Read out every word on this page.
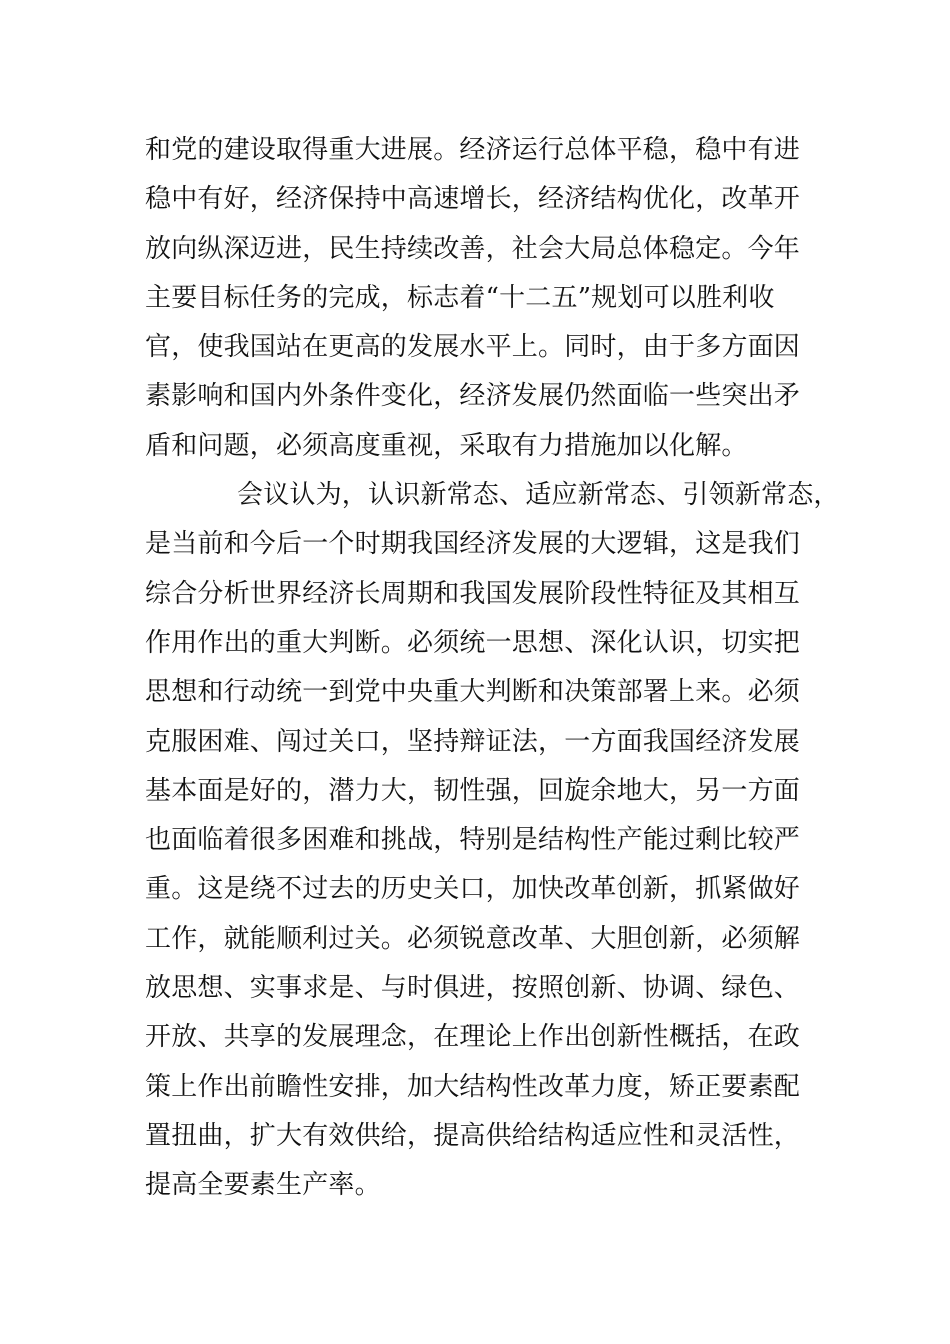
和党的建设取得重大进展。经济运行总体平稳，稳中有进
稳中有好，经济保持中高速增长，经济结构优化，改革开
放向纵深迈进，民生持续改善，社会大局总体稳定。今年
主要目标任务的完成，标志着“十二五”规划可以胜利收
官，使我国站在更高的发展水平上。同时，由于多方面因
素影响和国内外条件变化，经济发展仍然面临一些突出矛
盾和问题，必须高度重视，采取有力措施加以化解。
会议认为，认识新常态、适应新常态、引领新常态，
是当前和今后一个时期我国经济发展的大逻辑，这是我们
综合分析世界经济长周期和我国发展阶段性特征及其相互
作用作出的重大判断。必须统一思想、深化认识，切实把
思想和行动统一到党中央重大判断和决策部署上来。必须
克服困难、闯过关口，坚持辩证法，一方面我国经济发展
基本面是好的，潜力大，韧性强，回旋余地大，另一方面
也面临着很多困难和挑战，特别是结构性产能过剩比较严
重。这是绕不过去的历史关口，加快改革创新，抓紧做好
工作，就能顺利过关。必须锐意改革、大胆创新，必须解
放思想、实事求是、与时俱进，按照创新、协调、绿色、
开放、共享的发展理念，在理论上作出创新性概括，在政
策上作出前瞻性安排，加大结构性改革力度，矫正要素配
置扭曲，扩大有效供给，提高供给结构适应性和灵活性，
提高全要素生产率。
